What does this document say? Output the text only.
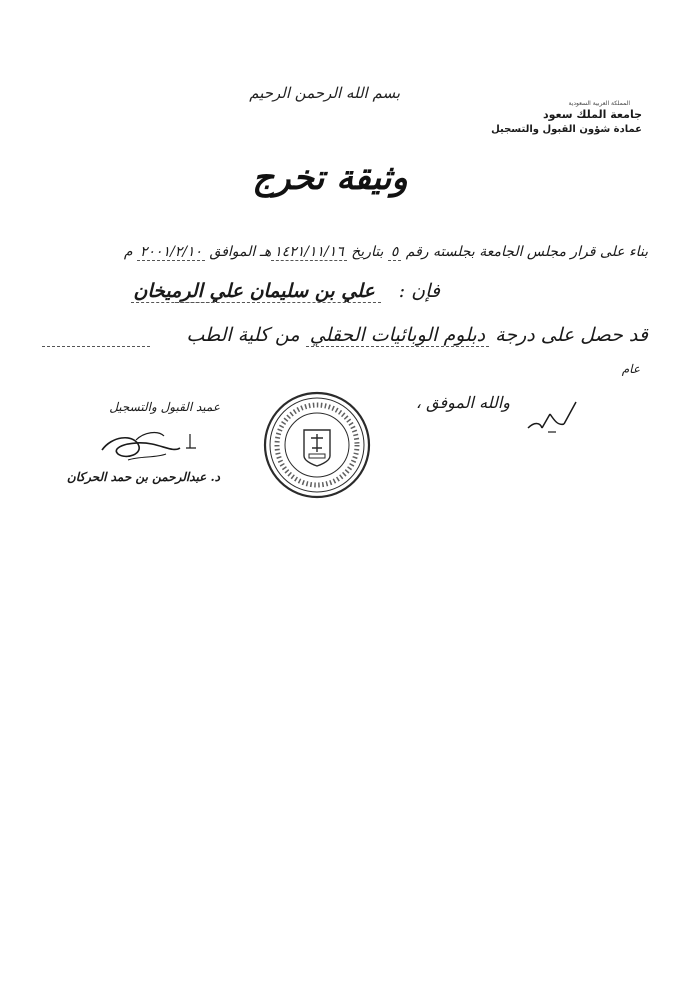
بسم الله الرحمن الرحيم
المملكة العربية السعودية
جامعة الملك سعود
عمادة شؤون القبول والتسجيل
وثيقة تخرج
بناء على قرار مجلس الجامعة بجلسته رقم ٥ بتاريخ ١٤٢١/١١/١٦هـ الموافق ٢٠٠١/٢/١٠ م
فإن : علي بن سليمان علي الرميخان
قد حصل على درجة دبلوم الوبائيات الحقلي من كلية الطب
عام
والله الموفق ،
عميد القبول والتسجيل
د. عبدالرحمن بن حمد الحركان
